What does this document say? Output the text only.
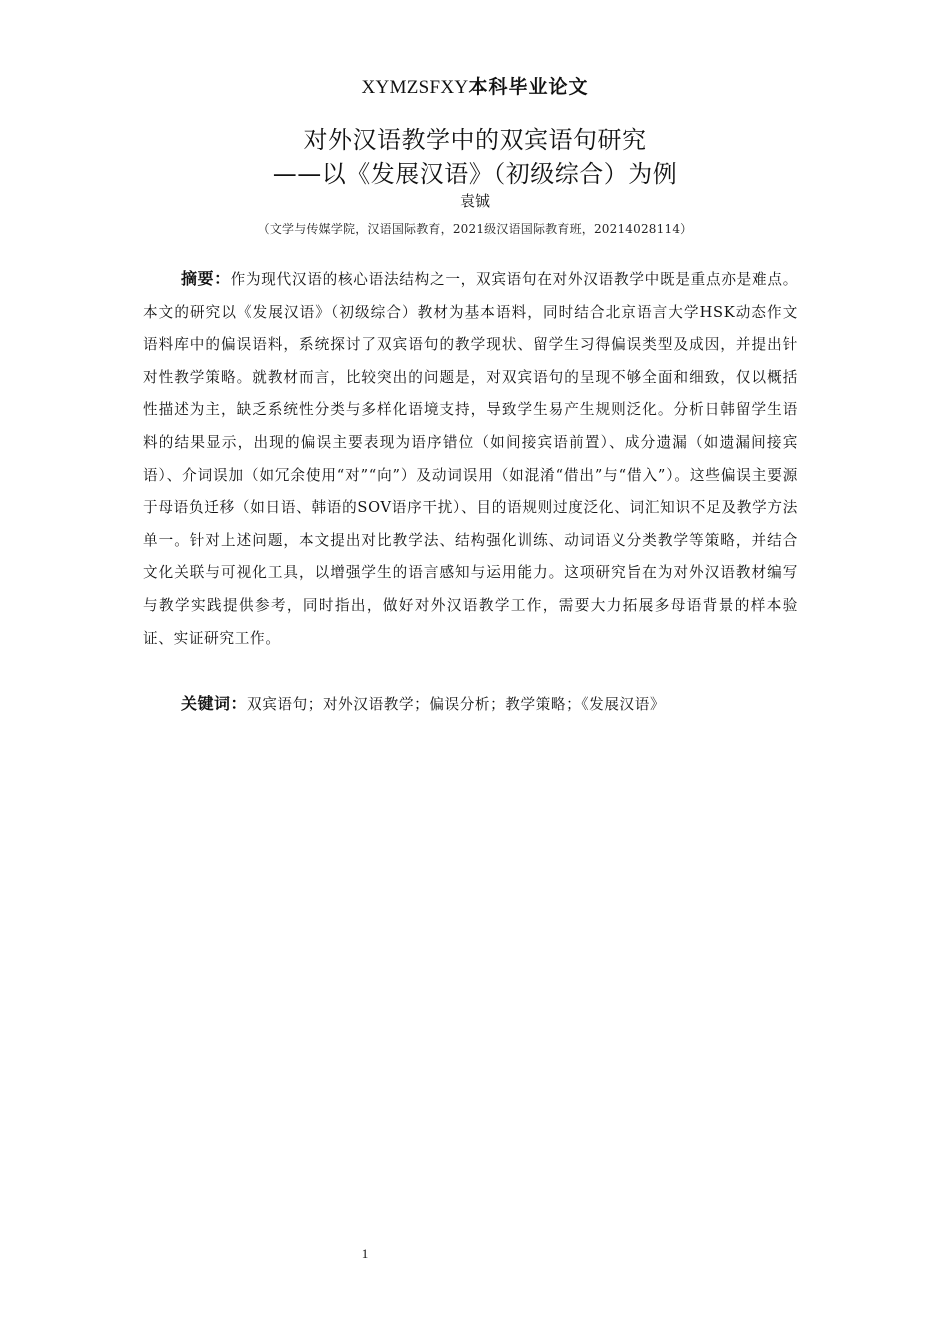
XYMZSFXY本科毕业论文
对外汉语教学中的双宾语句研究
——以《发展汉语》（初级综合）为例
袁铖
（文学与传媒学院，汉语国际教育，2021级汉语国际教育班，20214028114）
摘要：作为现代汉语的核心语法结构之一，双宾语句在对外汉语教学中既是重点亦是难点。本文的研究以《发展汉语》（初级综合）教材为基本语料，同时结合北京语言大学HSK动态作文语料库中的偏误语料，系统探讨了双宾语句的教学现状、留学生习得偏误类型及成因，并提出针对性教学策略。就教材而言，比较突出的问题是，对双宾语句的呈现不够全面和细致，仅以概括性描述为主，缺乏系统性分类与多样化语境支持，导致学生易产生规则泛化。分析日韩留学生语料的结果显示，出现的偏误主要表现为语序错位（如间接宾语前置）、成分遗漏（如遗漏间接宾语）、介词误加（如冗余使用“对”“向”）及动词误用（如混淆“借出”与“借入”）。这些偏误主要源于母语负迁移（如日语、韩语的SOV语序干扰）、目的语规则过度泛化、词汇知识不足及教学方法单一。针对上述问题，本文提出对比教学法、结构强化训练、动词语义分类教学等策略，并结合文化关联与可视化工具，以增强学生的语言感知与运用能力。这项研究旨在为对外汉语教材编写与教学实践提供参考，同时指出，做好对外汉语教学工作，需要大力拓展多母语背景的样本验证、实证研究工作。
关键词：双宾语句；对外汉语教学；偏误分析；教学策略；《发展汉语》
1
